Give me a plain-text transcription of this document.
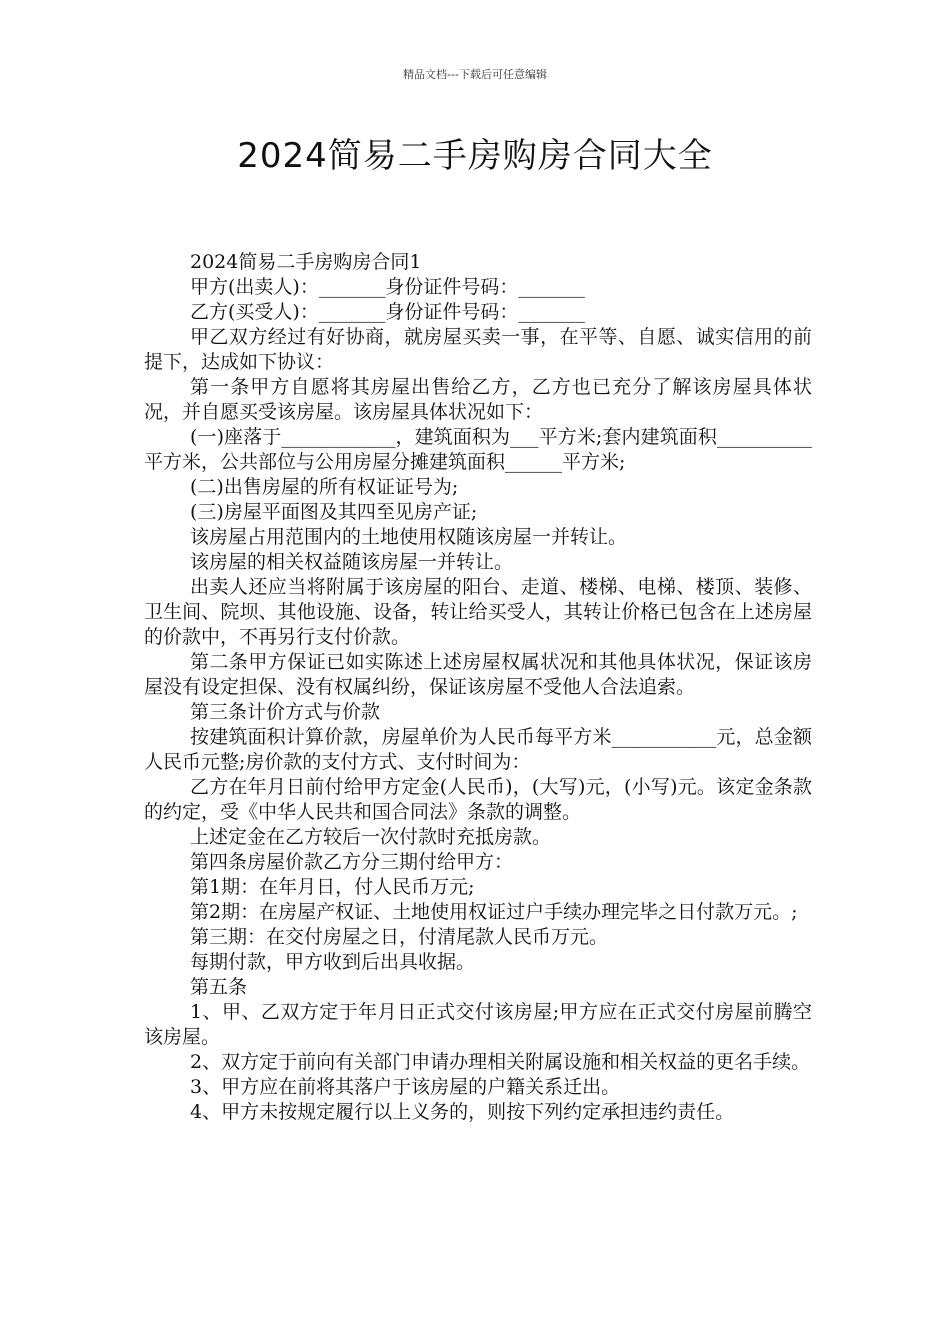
精品文档---下载后可任意编辑
2024简易二手房购房合同大全

2024简易二手房购房合同1

甲方(出卖人)：_______身份证件号码：_______

乙方(买受人)：_______身份证件号码：_______

甲乙双方经过有好协商，就房屋买卖一事，在平等、自愿、诚实信用的前提下，达成如下协议：

第一条甲方自愿将其房屋出售给乙方，乙方也已充分了解该房屋具体状况，并自愿买受该房屋。该房屋具体状况如下：

(一)座落于____________，建筑面积为___平方米;套内建筑面积__________平方米，公共部位与公用房屋分摊建筑面积______平方米;

(二)出售房屋的所有权证证号为;

(三)房屋平面图及其四至见房产证;

该房屋占用范围内的土地使用权随该房屋一并转让。

该房屋的相关权益随该房屋一并转让。

出卖人还应当将附属于该房屋的阳台、走道、楼梯、电梯、楼顶、装修、卫生间、院坝、其他设施、设备，转让给买受人，其转让价格已包含在上述房屋的价款中，不再另行支付价款。

第二条甲方保证已如实陈述上述房屋权属状况和其他具体状况，保证该房屋没有设定担保、没有权属纠纷，保证该房屋不受他人合法追索。

第三条计价方式与价款

按建筑面积计算价款，房屋单价为人民币每平方米___________元，总金额人民币元整;房价款的支付方式、支付时间为：

乙方在年月日前付给甲方定金(人民币)，(大写)元，(小写)元。该定金条款的约定，受《中华人民共和国合同法》条款的调整。

上述定金在乙方较后一次付款时充抵房款。

第四条房屋价款乙方分三期付给甲方：

第1期：在年月日，付人民币万元;

第2期：在房屋产权证、土地使用权证过户手续办理完毕之日付款万元。;

第三期：在交付房屋之日，付清尾款人民币万元。

每期付款，甲方收到后出具收据。

第五条

1、甲、乙双方定于年月日正式交付该房屋;甲方应在正式交付房屋前腾空该房屋。

2、双方定于前向有关部门申请办理相关附属设施和相关权益的更名手续。

3、甲方应在前将其落户于该房屋的户籍关系迁出。

4、甲方未按规定履行以上义务的，则按下列约定承担违约责任。
